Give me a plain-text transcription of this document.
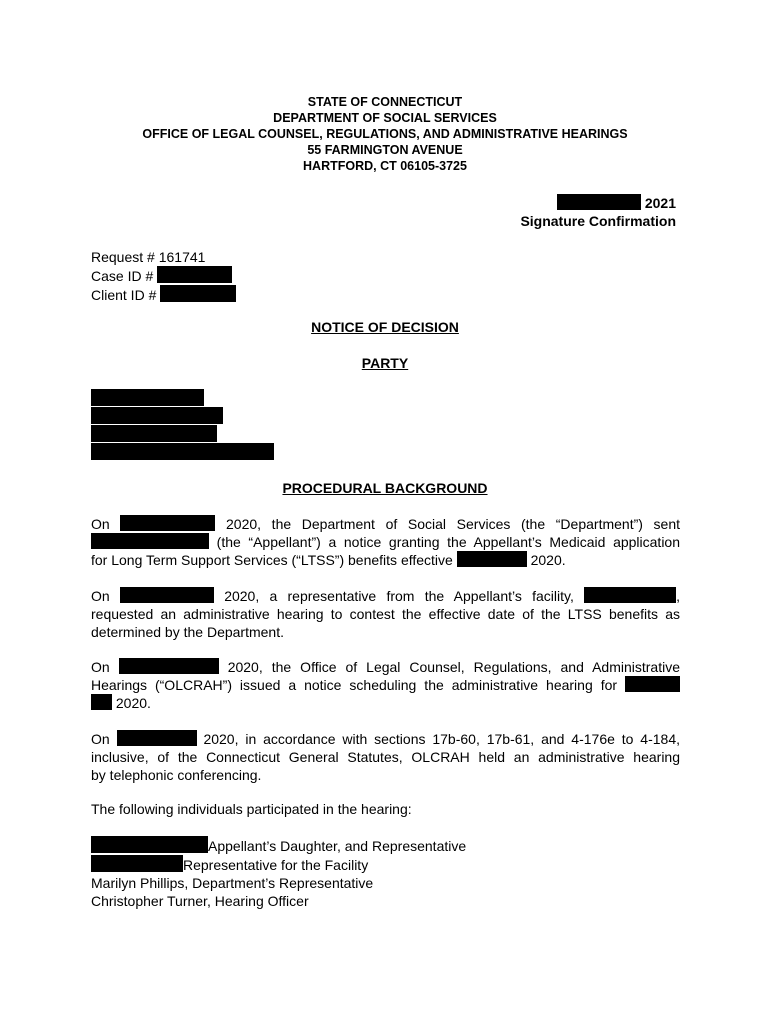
STATE OF CONNECTICUT
DEPARTMENT OF SOCIAL SERVICES
OFFICE OF LEGAL COUNSEL, REGULATIONS, AND ADMINISTRATIVE HEARINGS
55 FARMINGTON AVENUE
HARTFORD, CT 06105-3725
2021
Signature Confirmation
Request # 161741
Case ID #
Client ID #
NOTICE OF DECISION
PARTY
PROCEDURAL BACKGROUND
On	2020, the Department of Social Services (the “Department”) sent
(the “Appellant”) a notice granting the Appellant’s Medicaid application
for Long Term Support Services (“LTSS”) benefits effective	2020.
On	2020, a representative from the Appellant’s facility,	,
requested an administrative hearing to contest the effective date of the LTSS benefits as
determined by the Department.
On	2020, the Office of Legal Counsel, Regulations, and Administrative
Hearings (“OLCRAH”) issued a notice scheduling the administrative hearing for
2020.
On	2020, in accordance with sections 17b-60, 17b-61, and 4-176e to 4-184,
inclusive, of the Connecticut General Statutes, OLCRAH held an administrative hearing
by telephonic conferencing.
The following individuals participated in the hearing:
Appellant’s Daughter, and Representative
Representative for the Facility
Marilyn Phillips, Department’s Representative
Christopher Turner, Hearing Officer
